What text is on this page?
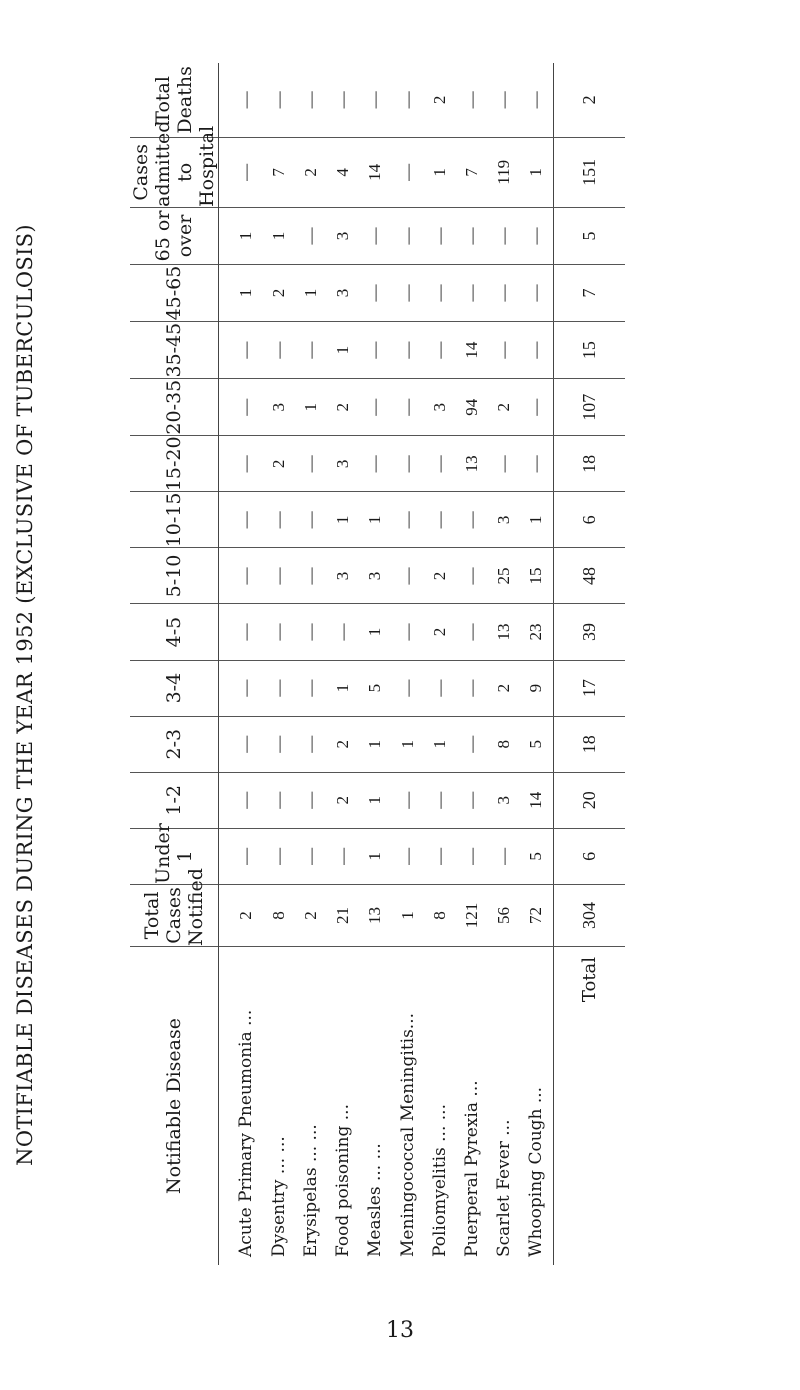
NOTIFIABLE DISEASES DURING THE YEAR 1952 (EXCLUSIVE OF TUBERCULOSIS)	Notifiable Disease	Total Cases Notified	Under 1	1-2	2-3	3-4	4-5	5-10	10-15	15-20	20-35	35-45	45-65	65 or over	Cases admitted to Hospital	Total Deaths
Acute Primary Pneumonia ...	2	—	—	—	—	—	—	—	—	—	—	1	1	—	—
Dysentry ... ...	8	—	—	—	—	—	—	—	2	3	—	2	1	7	—
Erysipelas ... ...	2	—	—	—	—	—	—	—	—	1	—	1	—	2	—
Food poisoning ...	21	—	2	2	1	—	3	1	3	2	1	3	3	4	—
Measles ... ...	13	1	1	1	5	1	3	1	—	—	—	—	—	14	—
Meningococcal Meningitis...	1	—	—	1	—	—	—	—	—	—	—	—	—	—	—
Poliomyelitis ... ...	8	—	—	1	—	2	2	—	—	3	—	—	—	1	2
Puerperal Pyrexia ...	121	—	—	—	—	—	—	—	13	94	14	—	—	7	—
Scarlet Fever ...	56	—	3	8	2	13	25	3	—	2	—	—	—	119	—
Whooping Cough ...	72	5	14	5	9	23	15	1	—	—	—	—	—	1	—
Total	304	6	20	18	17	39	48	6	18	107	15	7	5	151	2
13
